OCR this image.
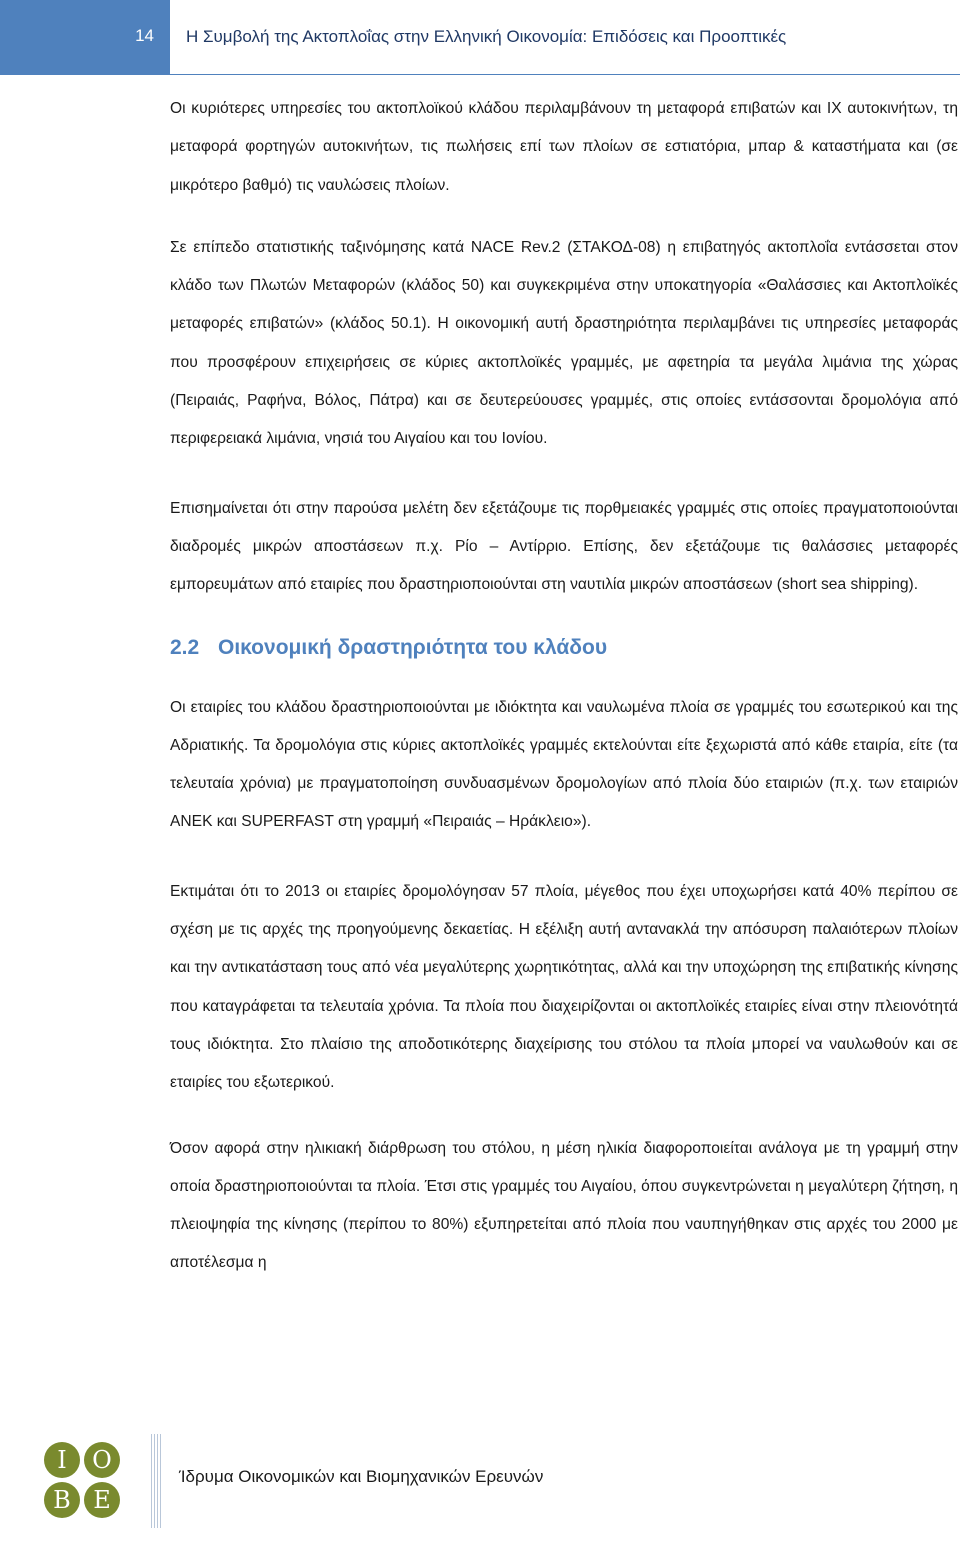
14 Η Συμβολή της Ακτοπλοΐας στην Ελληνική Οικονομία: Επιδόσεις και Προοπτικές

Οι κυριότερες υπηρεσίες του ακτοπλοϊκού κλάδου περιλαμβάνουν τη μεταφορά επιβατών και ΙΧ αυτοκινήτων, τη μεταφορά φορτηγών αυτοκινήτων, τις πωλήσεις επί των πλοίων σε εστιατόρια, μπαρ & καταστήματα και (σε μικρότερο βαθμό) τις ναυλώσεις πλοίων.

Σε επίπεδο στατιστικής ταξινόμησης κατά NACE Rev.2 (ΣΤΑΚΟΔ-08) η επιβατηγός ακτοπλοΐα εντάσσεται στον κλάδο των Πλωτών Μεταφορών (κλάδος 50) και συγκεκριμένα στην υποκατηγορία «Θαλάσσιες και Ακτοπλοϊκές μεταφορές επιβατών» (κλάδος 50.1). Η οικονομική αυτή δραστηριότητα περιλαμβάνει τις υπηρεσίες μεταφοράς που προσφέρουν επιχειρήσεις σε κύριες ακτοπλοϊκές γραμμές, με αφετηρία τα μεγάλα λιμάνια της χώρας (Πειραιάς, Ραφήνα, Βόλος, Πάτρα) και σε δευτερεύουσες γραμμές, στις οποίες εντάσσονται δρομολόγια από περιφερειακά λιμάνια, νησιά του Αιγαίου και του Ιονίου.

Επισημαίνεται ότι στην παρούσα μελέτη δεν εξετάζουμε τις πορθμειακές γραμμές στις οποίες πραγματοποιούνται διαδρομές μικρών αποστάσεων π.χ. Ρίο – Αντίρριο. Επίσης, δεν εξετάζουμε τις θαλάσσιες μεταφορές εμπορευμάτων από εταιρίες που δραστηριοποιούνται στη ναυτιλία μικρών αποστάσεων (short sea shipping).

2.2 Οικονομική δραστηριότητα του κλάδου

Οι εταιρίες του κλάδου δραστηριοποιούνται με ιδιόκτητα και ναυλωμένα πλοία σε γραμμές του εσωτερικού και της Αδριατικής. Τα δρομολόγια στις κύριες ακτοπλοϊκές γραμμές εκτελούνται είτε ξεχωριστά από κάθε εταιρία, είτε (τα τελευταία χρόνια) με πραγματοποίηση συνδυασμένων δρομολογίων από πλοία δύο εταιριών (π.χ. των εταιριών ANEK και SUPERFAST στη γραμμή «Πειραιάς – Ηράκλειο»).

Εκτιμάται ότι το 2013 οι εταιρίες δρομολόγησαν 57 πλοία, μέγεθος που έχει υποχωρήσει κατά 40% περίπου σε σχέση με τις αρχές της προηγούμενης δεκαετίας. Η εξέλιξη αυτή αντανακλά την απόσυρση παλαιότερων πλοίων και την αντικατάσταση τους από νέα μεγαλύτερης χωρητικότητας, αλλά και την υποχώρηση της επιβατικής κίνησης που καταγράφεται τα τελευταία χρόνια. Τα πλοία που διαχειρίζονται οι ακτοπλοϊκές εταιρίες είναι στην πλειονότητά τους ιδιόκτητα. Στο πλαίσιο της αποδοτικότερης διαχείρισης του στόλου τα πλοία μπορεί να ναυλωθούν και σε εταιρίες του εξωτερικού.

Όσον αφορά στην ηλικιακή διάρθρωση του στόλου, η μέση ηλικία διαφοροποιείται ανάλογα με τη γραμμή στην οποία δραστηριοποιούνται τα πλοία. Έτσι στις γραμμές του Αιγαίου, όπου συγκεντρώνεται η μεγαλύτερη ζήτηση, η πλειοψηφία της κίνησης (περίπου το 80%) εξυπηρετείται από πλοία που ναυπηγήθηκαν στις αρχές του 2000 με αποτέλεσμα η

Ι Ο
Β Ε
Ίδρυμα Οικονομικών και Βιομηχανικών Ερευνών
